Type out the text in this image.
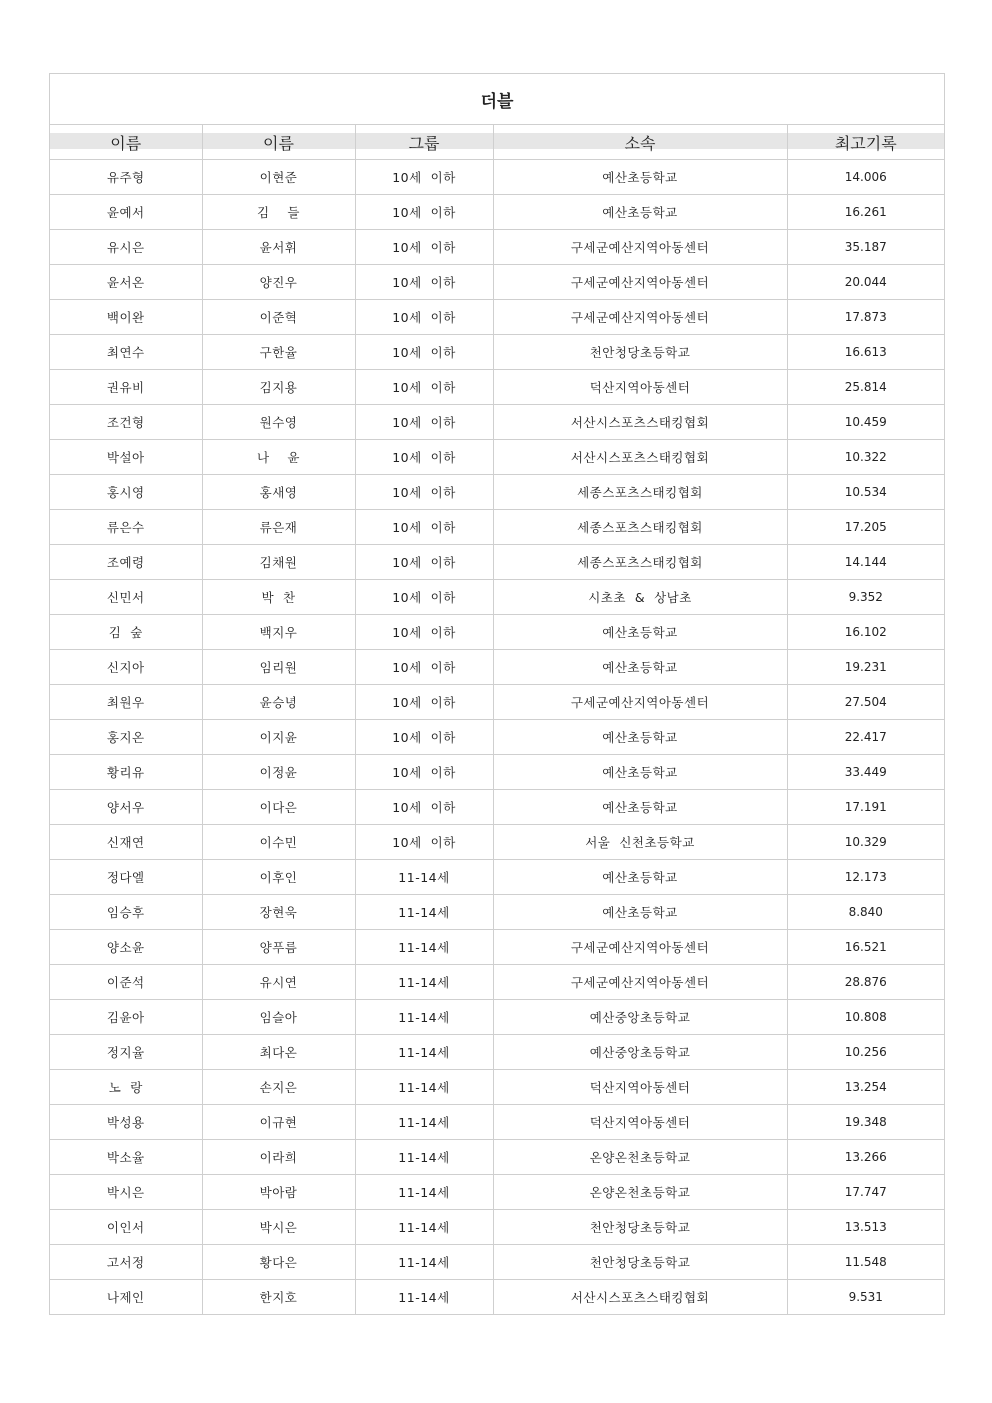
더블
이름	이름	그룹	소속	최고기록
유주형	이현준	10세  이하	예산초등학교	14.006
윤예서	김    들	10세  이하	예산초등학교	16.261
유시은	윤서휘	10세  이하	구세군예산지역아동센터	35.187
윤서온	양진우	10세  이하	구세군예산지역아동센터	20.044
백이완	이준혁	10세  이하	구세군예산지역아동센터	17.873
최연수	구한율	10세  이하	천안청당초등학교	16.613
권유비	김지용	10세  이하	덕산지역아동센터	25.814
조건형	원수영	10세  이하	서산시스포츠스태킹협회	10.459
박설아	나    윤	10세  이하	서산시스포츠스태킹협회	10.322
홍시영	홍새영	10세  이하	세종스포츠스태킹협회	10.534
류은수	류은재	10세  이하	세종스포츠스태킹협회	17.205
조예령	김채원	10세  이하	세종스포츠스태킹협회	14.144
신민서	박  찬	10세  이하	시초초  &  상남초	9.352
김  숲	백지우	10세  이하	예산초등학교	16.102
신지아	임리원	10세  이하	예산초등학교	19.231
최원우	윤승녕	10세  이하	구세군예산지역아동센터	27.504
홍지온	이지윤	10세  이하	예산초등학교	22.417
황리유	이정윤	10세  이하	예산초등학교	33.449
양서우	이다은	10세  이하	예산초등학교	17.191
신재연	이수민	10세  이하	서울  신천초등학교	10.329
정다엘	이후인	11-14세	예산초등학교	12.173
임승후	장현욱	11-14세	예산초등학교	8.840
양소윤	양푸름	11-14세	구세군예산지역아동센터	16.521
이준석	유시연	11-14세	구세군예산지역아동센터	28.876
김윤아	임슬아	11-14세	예산중앙초등학교	10.808
정지율	최다온	11-14세	예산중앙초등학교	10.256
노  랑	손지은	11-14세	덕산지역아동센터	13.254
박성용	이규현	11-14세	덕산지역아동센터	19.348
박소율	이라희	11-14세	온양온천초등학교	13.266
박시은	박아람	11-14세	온양온천초등학교	17.747
이인서	박시은	11-14세	천안청당초등학교	13.513
고서정	황다은	11-14세	천안청당초등학교	11.548
나제인	한지호	11-14세	서산시스포츠스태킹협회	9.531
